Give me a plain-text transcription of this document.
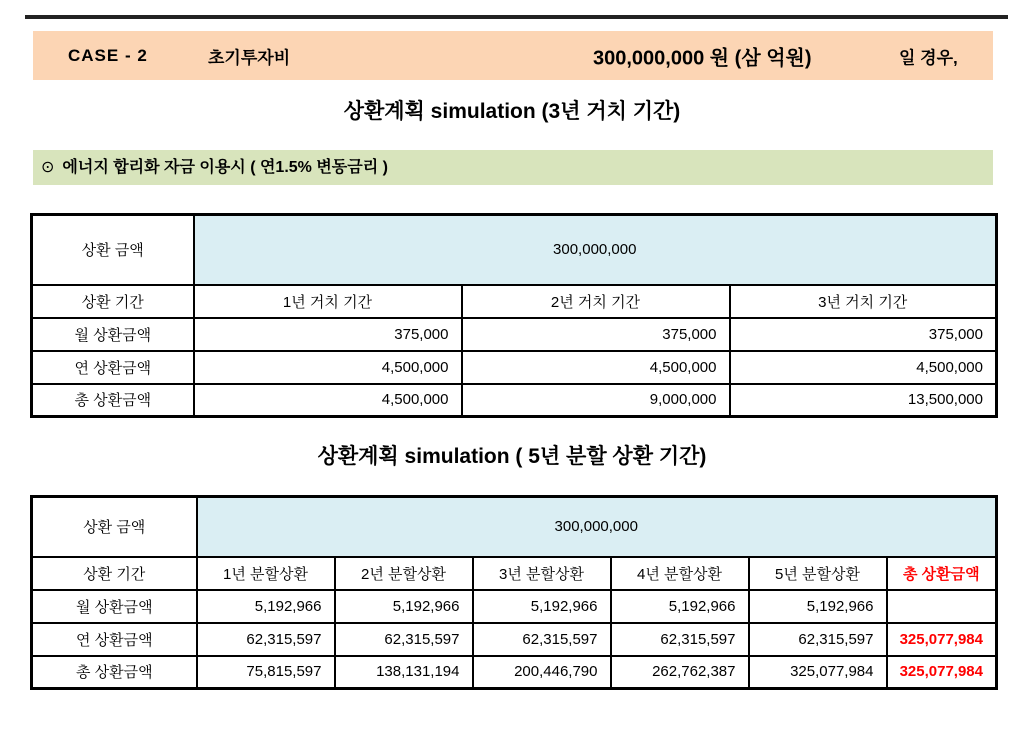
CASE - 2	초기투자비	300,000,000 원 (삼 억원)	일 경우,
상환계획 simulation (3년 거치 기간)
⊙ 에너지 합리화 자금 이용시 ( 연1.5% 변동금리 )
상환 금액	300,000,000		
상환 기간	1년 거치 기간	2년 거치 기간	3년 거치 기간
월 상환금액	375,000	375,000	375,000
연 상환금액	4,500,000	4,500,000	4,500,000
총 상환금액	4,500,000	9,000,000	13,500,000
상환계획 simulation ( 5년 분할 상환 기간)
상환 금액	300,000,000					
상환 기간	1년 분할상환	2년 분할상환	3년 분할상환	4년 분할상환	5년 분할상환	총 상환금액
월 상환금액	5,192,966	5,192,966	5,192,966	5,192,966	5,192,966	
연 상환금액	62,315,597	62,315,597	62,315,597	62,315,597	62,315,597	325,077,984
총 상환금액	75,815,597	138,131,194	200,446,790	262,762,387	325,077,984	325,077,984
